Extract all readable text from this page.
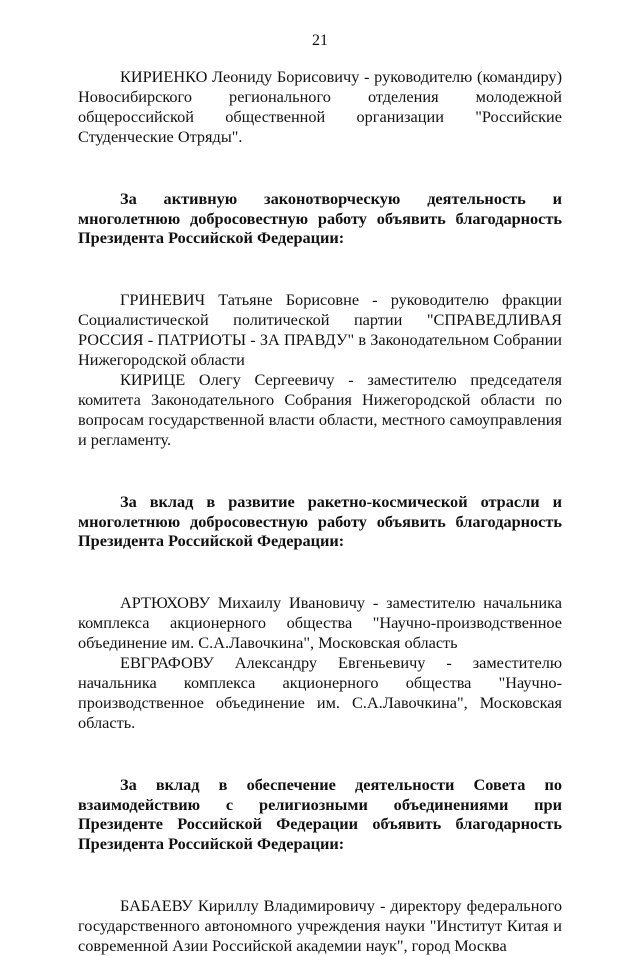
21

КИРИЕНКО Леониду Борисовичу - руководителю (командиру) Новосибирского регионального отделения молодежной общероссийской общественной организации "Российские Студенческие Отряды".

За активную законотворческую деятельность и многолетнюю добросовестную работу объявить благодарность Президента Российской Федерации:

ГРИНЕВИЧ Татьяне Борисовне - руководителю фракции Социалистической политической партии "СПРАВЕДЛИВАЯ РОССИЯ - ПАТРИОТЫ - ЗА ПРАВДУ" в Законодательном Собрании Нижегородской области

КИРИЦЕ Олегу Сергеевичу - заместителю председателя комитета Законодательного Собрания Нижегородской области по вопросам государственной власти области, местного самоуправления и регламенту.

За вклад в развитие ракетно-космической отрасли и многолетнюю добросовестную работу объявить благодарность Президента Российской Федерации:

АРТЮХОВУ Михаилу Ивановичу - заместителю начальника комплекса акционерного общества "Научно-производственное объединение им. С.А.Лавочкина", Московская область

ЕВГРАФОВУ Александру Евгеньевичу - заместителю начальника комплекса акционерного общества "Научно-производственное объединение им. С.А.Лавочкина", Московская область.

За вклад в обеспечение деятельности Совета по взаимодействию с религиозными объединениями при Президенте Российской Федерации объявить благодарность Президента Российской Федерации:

БАБАЕВУ Кириллу Владимировичу - директору федерального государственного автономного учреждения науки "Институт Китая и современной Азии Российской академии наук", город Москва
